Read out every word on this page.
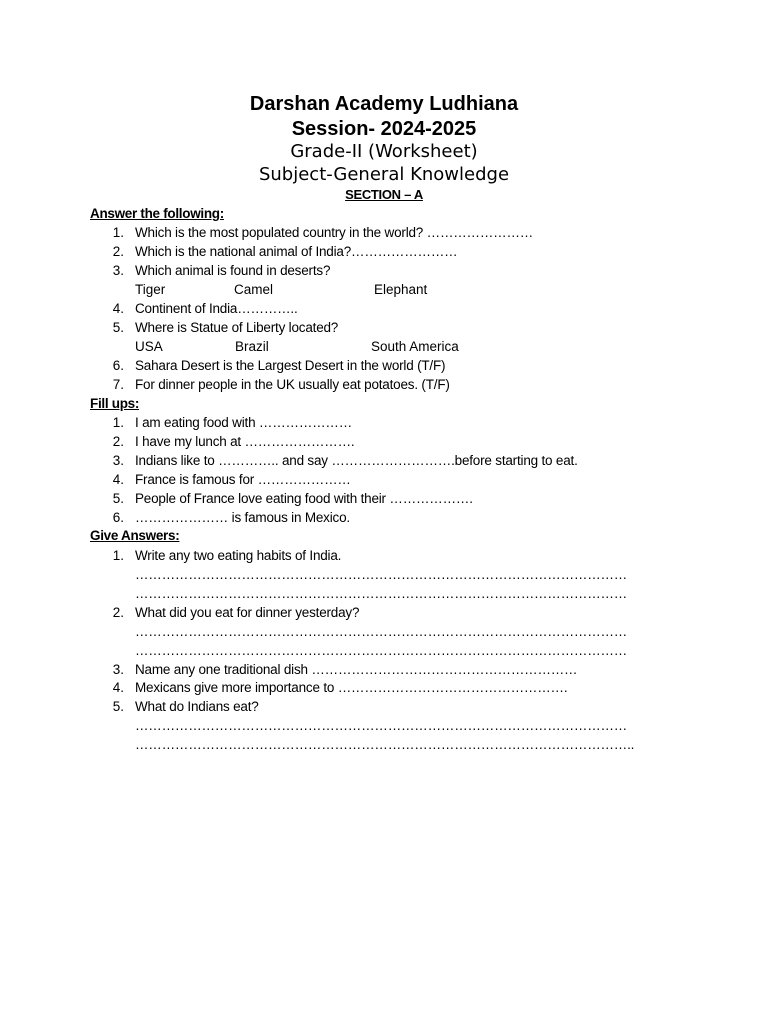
Darshan Academy Ludhiana
Session- 2024-2025
Grade-II (Worksheet)
Subject-General Knowledge
SECTION – A
Answer the following:
1. Which is the most populated country in the world? ……………………
2. Which is the national animal of India?……………………
3. Which animal is found in deserts?
Tiger	Camel	Elephant
4. Continent of India…………..
5. Where is Statue of Liberty located?
USA	Brazil	South America
6. Sahara Desert is the Largest Desert in the world (T/F)
7. For dinner people in the UK usually eat potatoes. (T/F)
Fill ups:
1. I am eating food with …………………
2. I have my lunch at …………………….
3. Indians like to ………….. and say ……………………….before starting to eat.
4. France is famous for …………………
5. People of France love eating food with their ……………….
6. ………………… is famous in Mexico.
Give Answers:
1. Write any two eating habits of India.
…………………………………………………………………………………………………
…………………………………………………………………………………………………
2. What did you eat for dinner yesterday?
…………………………………………………………………………………………………
…………………………………………………………………………………………………
3. Name any one traditional dish ……………………………………………………
4. Mexicans give more importance to …………………………………………….
5. What do Indians eat?
…………………………………………………………………………………………………
…………………………………………………………………………………………………..
